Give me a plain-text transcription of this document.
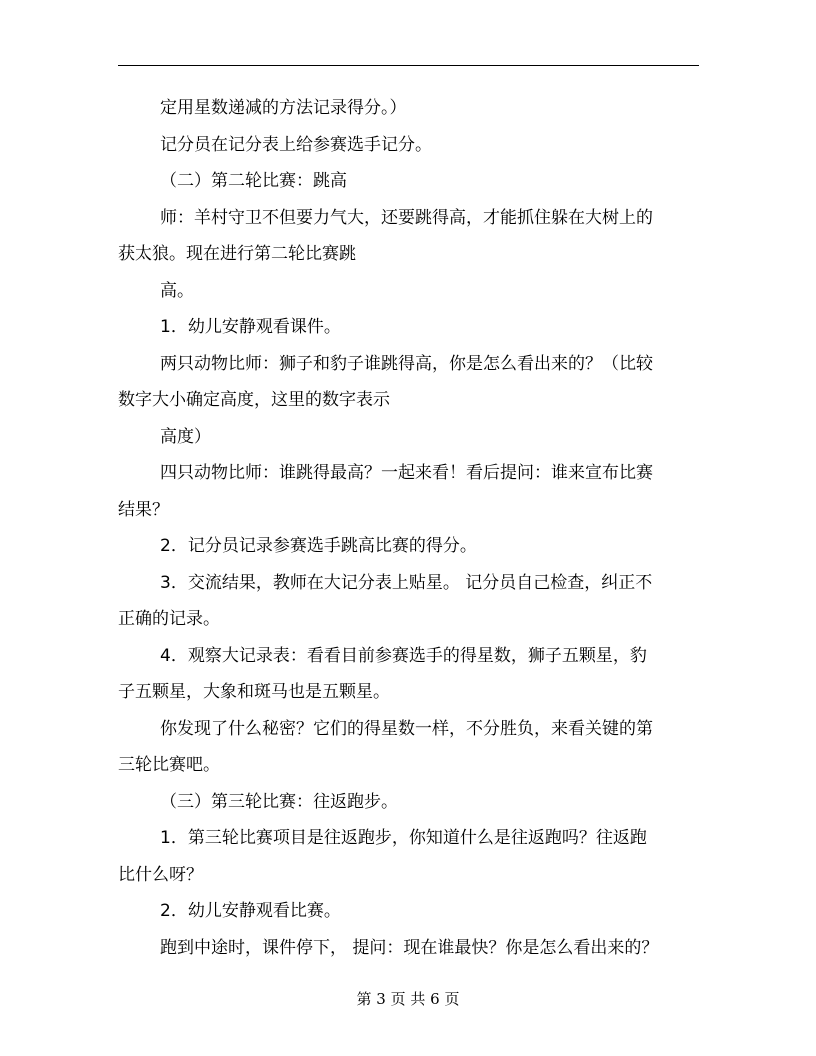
定用星数递减的方法记录得分。）

记分员在记分表上给参赛选手记分。

（二）第二轮比赛：跳高

师：羊村守卫不但要力气大，还要跳得高，才能抓住躲在大树上的

获太狼。现在进行第二轮比赛跳

高。

1．幼儿安静观看课件。

两只动物比师：狮子和豹子谁跳得高，你是怎么看出来的？（比较

数字大小确定高度，这里的数字表示

高度）

四只动物比师：谁跳得最高？一起来看！看后提问：谁来宣布比赛

结果？

2．记分员记录参赛选手跳高比赛的得分。

3．交流结果，教师在大记分表上贴星。 记分员自己检查，纠正不

正确的记录。

4．观察大记录表：看看目前参赛选手的得星数，狮子五颗星，豹

子五颗星，大象和斑马也是五颗星。

你发现了什么秘密？它们的得星数一样，不分胜负，来看关键的第

三轮比赛吧。

（三）第三轮比赛：往返跑步。

1．第三轮比赛项目是往返跑步，你知道什么是往返跑吗？往返跑

比什么呀？

2．幼儿安静观看比赛。

跑到中途时，课件停下， 提问：现在谁最快？你是怎么看出来的？

第 3 页 共 6 页
